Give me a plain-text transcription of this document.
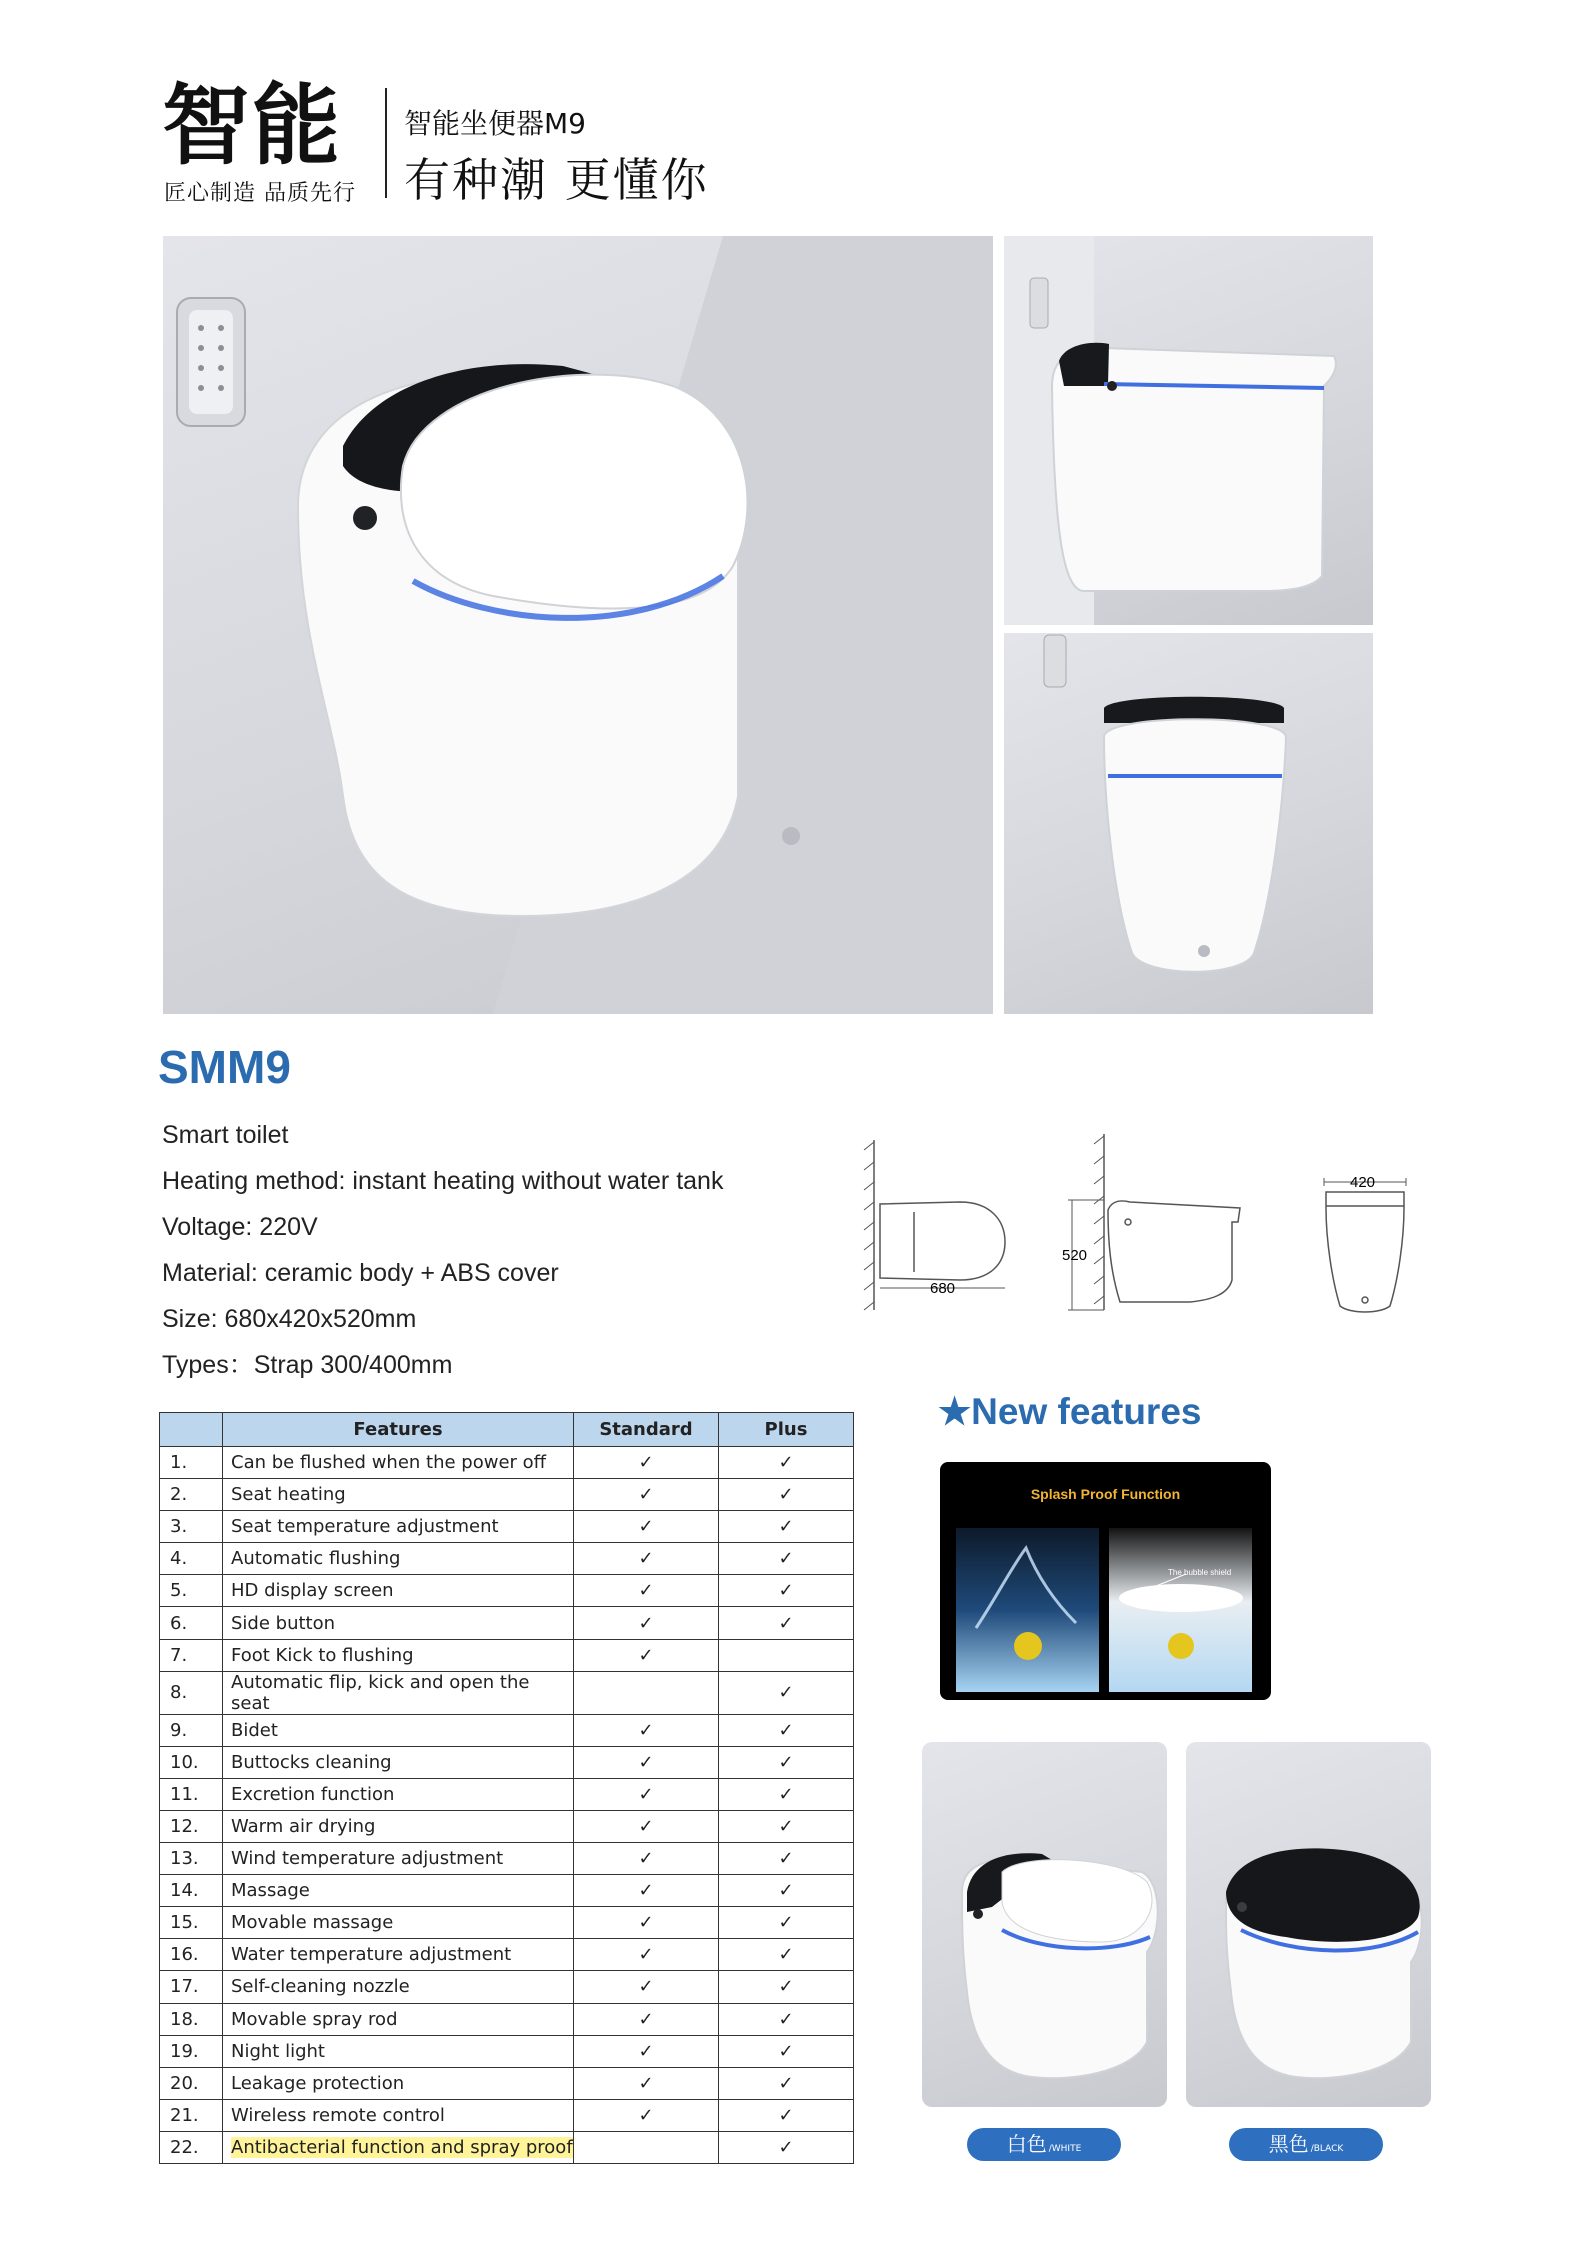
智能
匠心制造 品质先行
智能坐便器M9
有种潮 更懂你
.
SMM9
Smart toilet
Heating method: instant heating without water tank
Voltage: 220V
Material: ceramic body + ABS cover
Size: 680x420x520mm
Types：Strap 300/400mm
680
520
420
	Features	Standard	Plus
1.	Can be flushed when the power off	✓	✓
2.	Seat heating	✓	✓
3.	Seat temperature adjustment	✓	✓
4.	Automatic flushing	✓	✓
5.	HD display screen	✓	✓
6.	Side button	✓	✓
7.	Foot Kick to flushing	✓	
8.	Automatic flip, kick and open the seat		✓
9.	Bidet	✓	✓
10.	Buttocks cleaning	✓	✓
11.	Excretion function	✓	✓
12.	Warm air drying	✓	✓
13.	Wind temperature adjustment	✓	✓
14.	Massage	✓	✓
15.	Movable massage	✓	✓
16.	Water temperature adjustment	✓	✓
17.	Self-cleaning nozzle	✓	✓
18.	Movable spray rod	✓	✓
19.	Night light	✓	✓
20.	Leakage protection	✓	✓
21.	Wireless remote control	✓	✓
22.	Antibacterial function and spray proof		✓
★New features
Splash Proof Function
The bubble shield
白色 /WHITE	黑色 /BLACK
